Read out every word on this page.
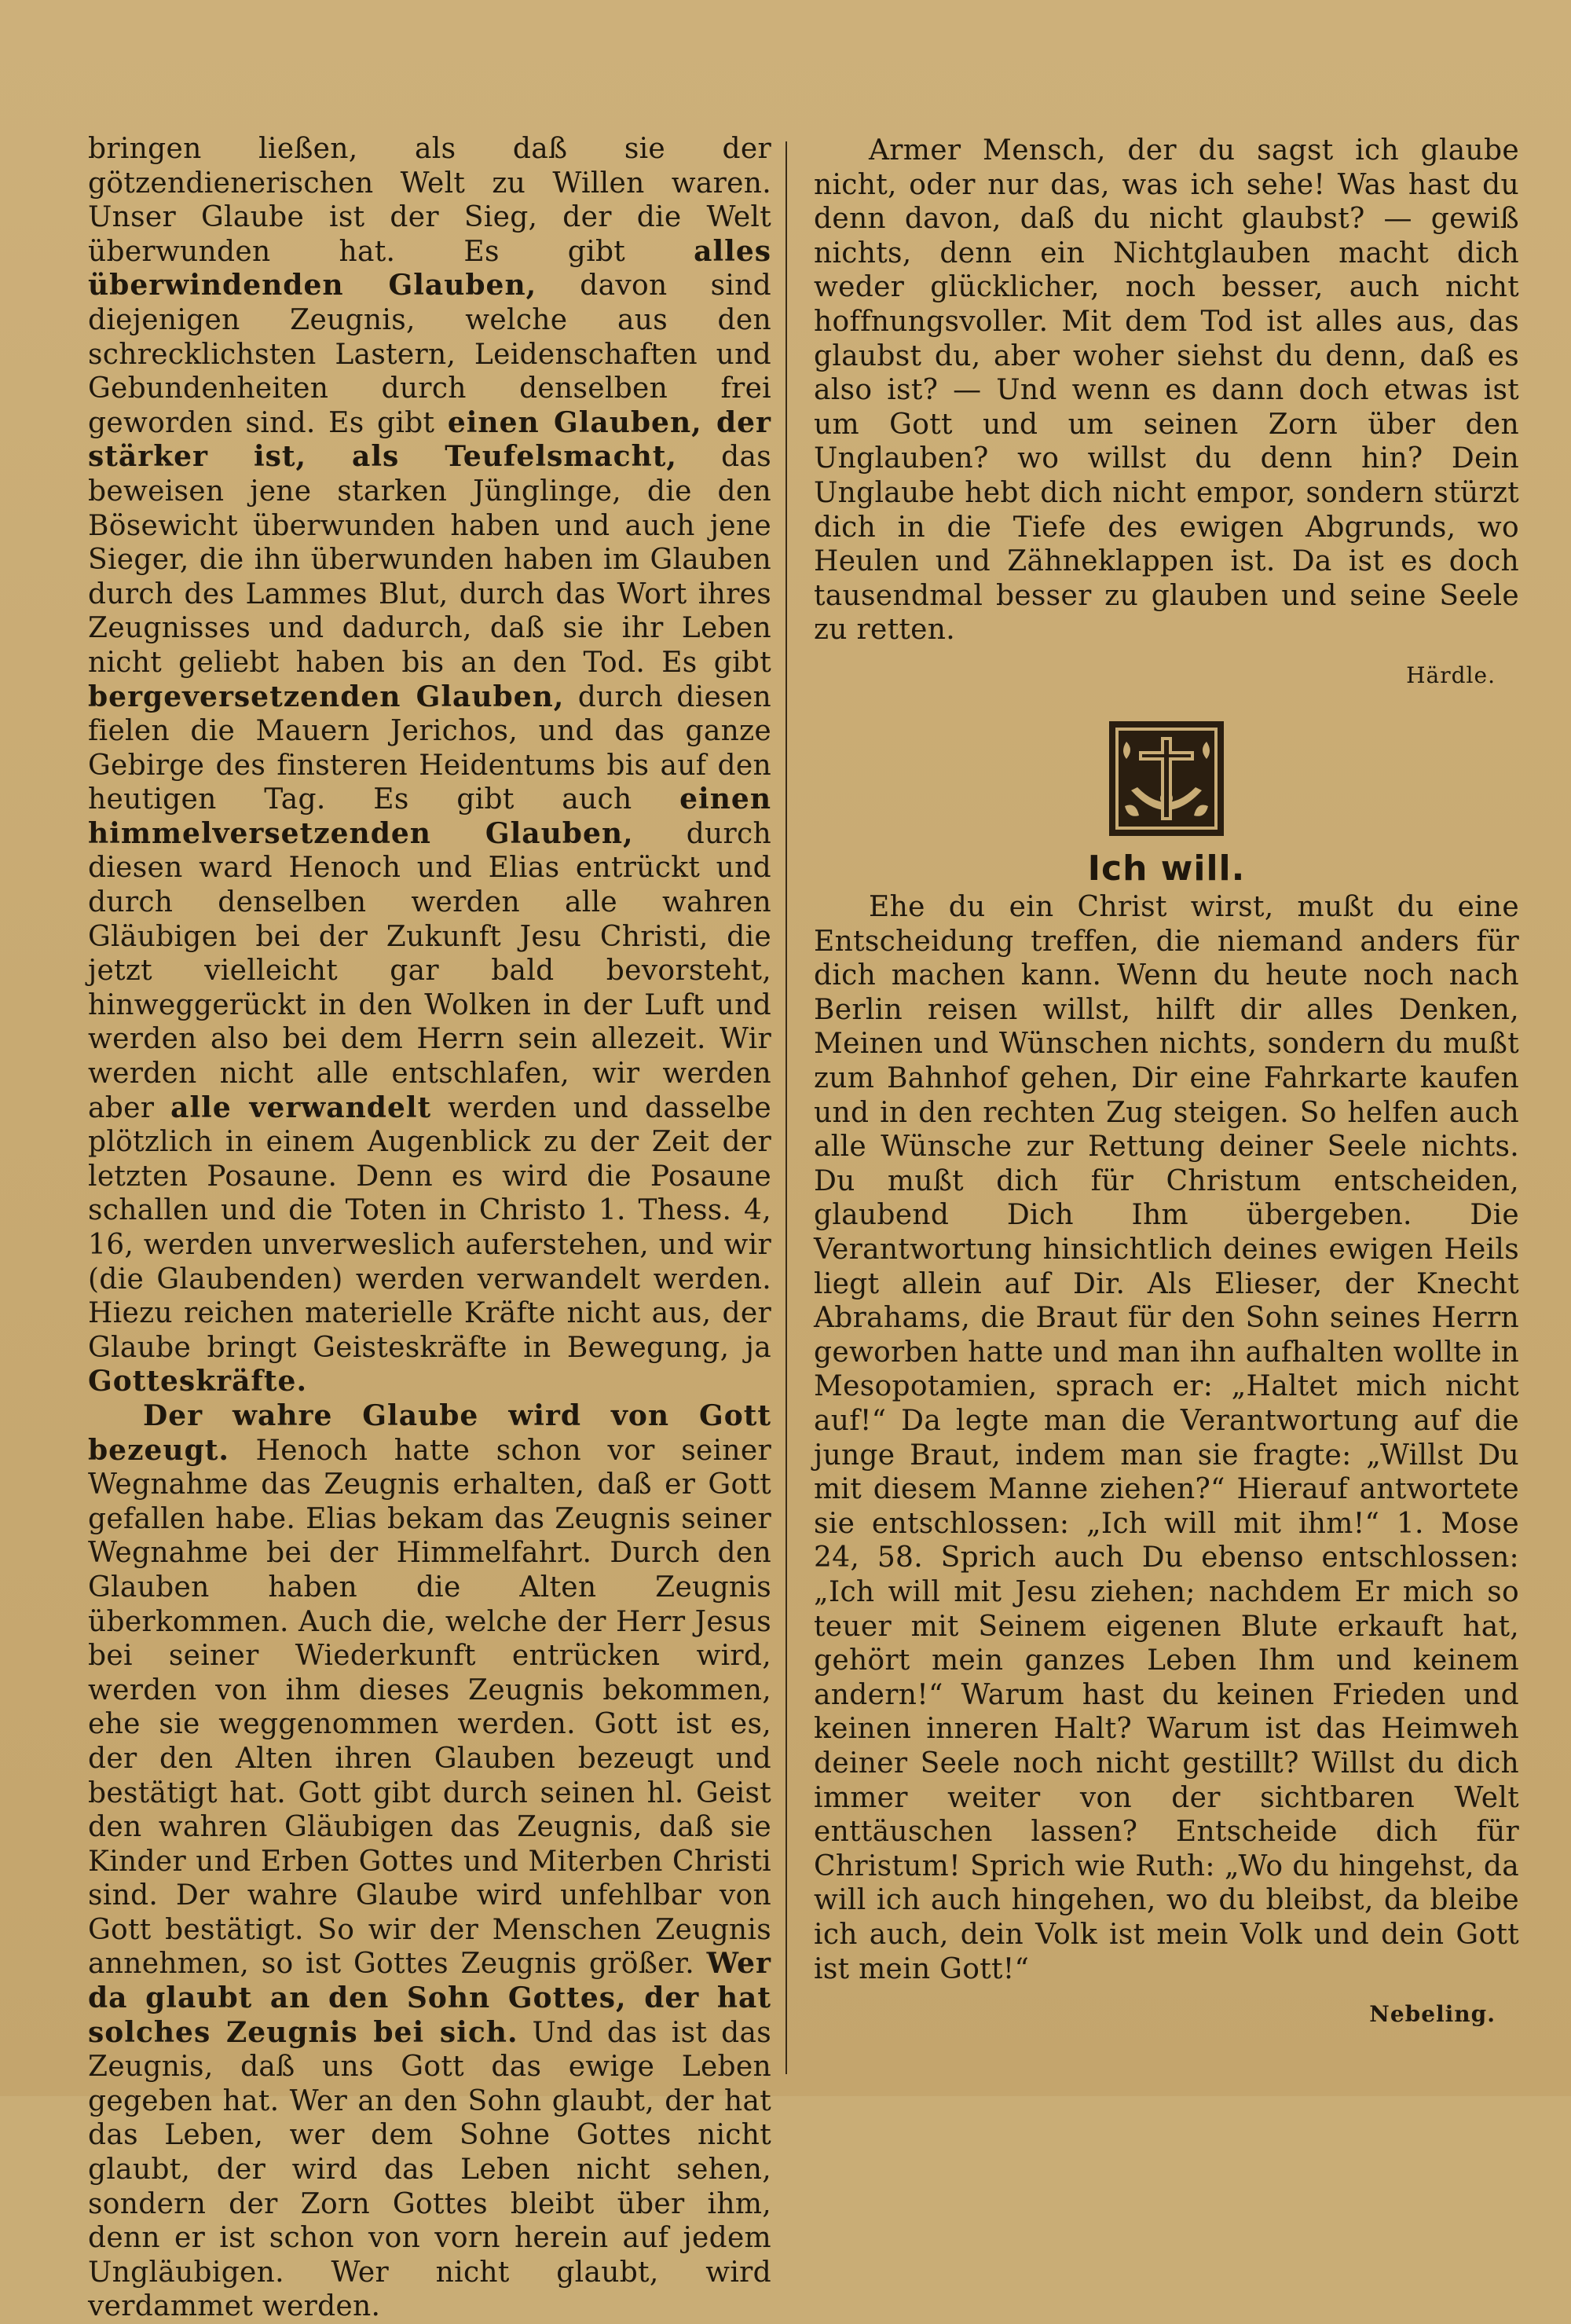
bringen ließen, als daß sie der götzendienerischen Welt zu Willen waren. Unser Glaube ist der Sieg, der die Welt überwunden hat. Es gibt alles überwindenden Glauben, davon sind diejenigen Zeugnis, welche aus den schrecklichsten Lastern, Leidenschaften und Gebundenheiten durch denselben frei geworden sind. Es gibt einen Glauben, der stärker ist, als Teufelsmacht, das beweisen jene starken Jünglinge, die den Bösewicht überwunden haben und auch jene Sieger, die ihn überwunden haben im Glauben durch des Lammes Blut, durch das Wort ihres Zeugnisses und dadurch, daß sie ihr Leben nicht geliebt haben bis an den Tod. Es gibt bergeversetzenden Glauben, durch diesen fielen die Mauern Jerichos, und das ganze Gebirge des finsteren Heidentums bis auf den heutigen Tag. Es gibt auch einen himmelversetzenden Glauben, durch diesen ward Henoch und Elias entrückt und durch denselben werden alle wahren Gläubigen bei der Zukunft Jesu Christi, die jetzt vielleicht gar bald bevorsteht, hinweggerückt in den Wolken in der Luft und werden also bei dem Herrn sein allezeit. Wir werden nicht alle entschlafen, wir werden aber alle verwandelt werden und dasselbe plötzlich in einem Augenblick zu der Zeit der letzten Posaune. Denn es wird die Posaune schallen und die Toten in Christo 1. Thess. 4, 16, werden unverweslich auferstehen, und wir (die Glaubenden) werden verwandelt werden. Hiezu reichen materielle Kräfte nicht aus, der Glaube bringt Geisteskräfte in Bewegung, ja Gotteskräfte.

Der wahre Glaube wird von Gott bezeugt. Henoch hatte schon vor seiner Wegnahme das Zeugnis erhalten, daß er Gott gefallen habe. Elias bekam das Zeugnis seiner Wegnahme bei der Himmelfahrt. Durch den Glauben haben die Alten Zeugnis überkommen. Auch die, welche der Herr Jesus bei seiner Wiederkunft entrücken wird, werden von ihm dieses Zeugnis bekommen, ehe sie weggenommen werden. Gott ist es, der den Alten ihren Glauben bezeugt und bestätigt hat. Gott gibt durch seinen hl. Geist den wahren Gläubigen das Zeugnis, daß sie Kinder und Erben Gottes und Miterben Christi sind. Der wahre Glaube wird unfehlbar von Gott bestätigt. So wir der Menschen Zeugnis annehmen, so ist Gottes Zeugnis größer. Wer da glaubt an den Sohn Gottes, der hat solches Zeugnis bei sich. Und das ist das Zeugnis, daß uns Gott das ewige Leben gegeben hat. Wer an den Sohn glaubt, der hat das Leben, wer dem Sohne Gottes nicht glaubt, der wird das Leben nicht sehen, sondern der Zorn Gottes bleibt über ihm, denn er ist schon von vorn herein auf jedem Ungläubigen. Wer nicht glaubt, wird verdammet werden.

Armer Mensch, der du sagst ich glaube nicht, oder nur das, was ich sehe! Was hast du denn davon, daß du nicht glaubst? — gewiß nichts, denn ein Nichtglauben macht dich weder glücklicher, noch besser, auch nicht hoffnungsvoller. Mit dem Tod ist alles aus, das glaubst du, aber woher siehst du denn, daß es also ist? — Und wenn es dann doch etwas ist um Gott und um seinen Zorn über den Unglauben? wo willst du denn hin? Dein Unglaube hebt dich nicht empor, sondern stürzt dich in die Tiefe des ewigen Abgrunds, wo Heulen und Zähneklappen ist. Da ist es doch tausendmal besser zu glauben und seine Seele zu retten.

Härdle.
Ich will.

Ehe du ein Christ wirst, mußt du eine Entscheidung treffen, die niemand anders für dich machen kann. Wenn du heute noch nach Berlin reisen willst, hilft dir alles Denken, Meinen und Wünschen nichts, sondern du mußt zum Bahnhof gehen, Dir eine Fahrkarte kaufen und in den rechten Zug steigen. So helfen auch alle Wünsche zur Rettung deiner Seele nichts. Du mußt dich für Christum entscheiden, glaubend Dich Ihm übergeben. Die Verantwortung hinsichtlich deines ewigen Heils liegt allein auf Dir. Als Elieser, der Knecht Abrahams, die Braut für den Sohn seines Herrn geworben hatte und man ihn aufhalten wollte in Mesopotamien, sprach er: „Haltet mich nicht auf!“ Da legte man die Verantwortung auf die junge Braut, indem man sie fragte: „Willst Du mit diesem Manne ziehen?“ Hierauf antwortete sie entschlossen: „Ich will mit ihm!“ 1. Mose 24, 58. Sprich auch Du ebenso entschlossen: „Ich will mit Jesu ziehen; nachdem Er mich so teuer mit Seinem eigenen Blute erkauft hat, gehört mein ganzes Leben Ihm und keinem andern!“ Warum hast du keinen Frieden und keinen inneren Halt? Warum ist das Heimweh deiner Seele noch nicht gestillt? Willst du dich immer weiter von der sichtbaren Welt enttäuschen lassen? Entscheide dich für Christum! Sprich wie Ruth: „Wo du hingehst, da will ich auch hingehen, wo du bleibst, da bleibe ich auch, dein Volk ist mein Volk und dein Gott ist mein Gott!“

Nebeling.
